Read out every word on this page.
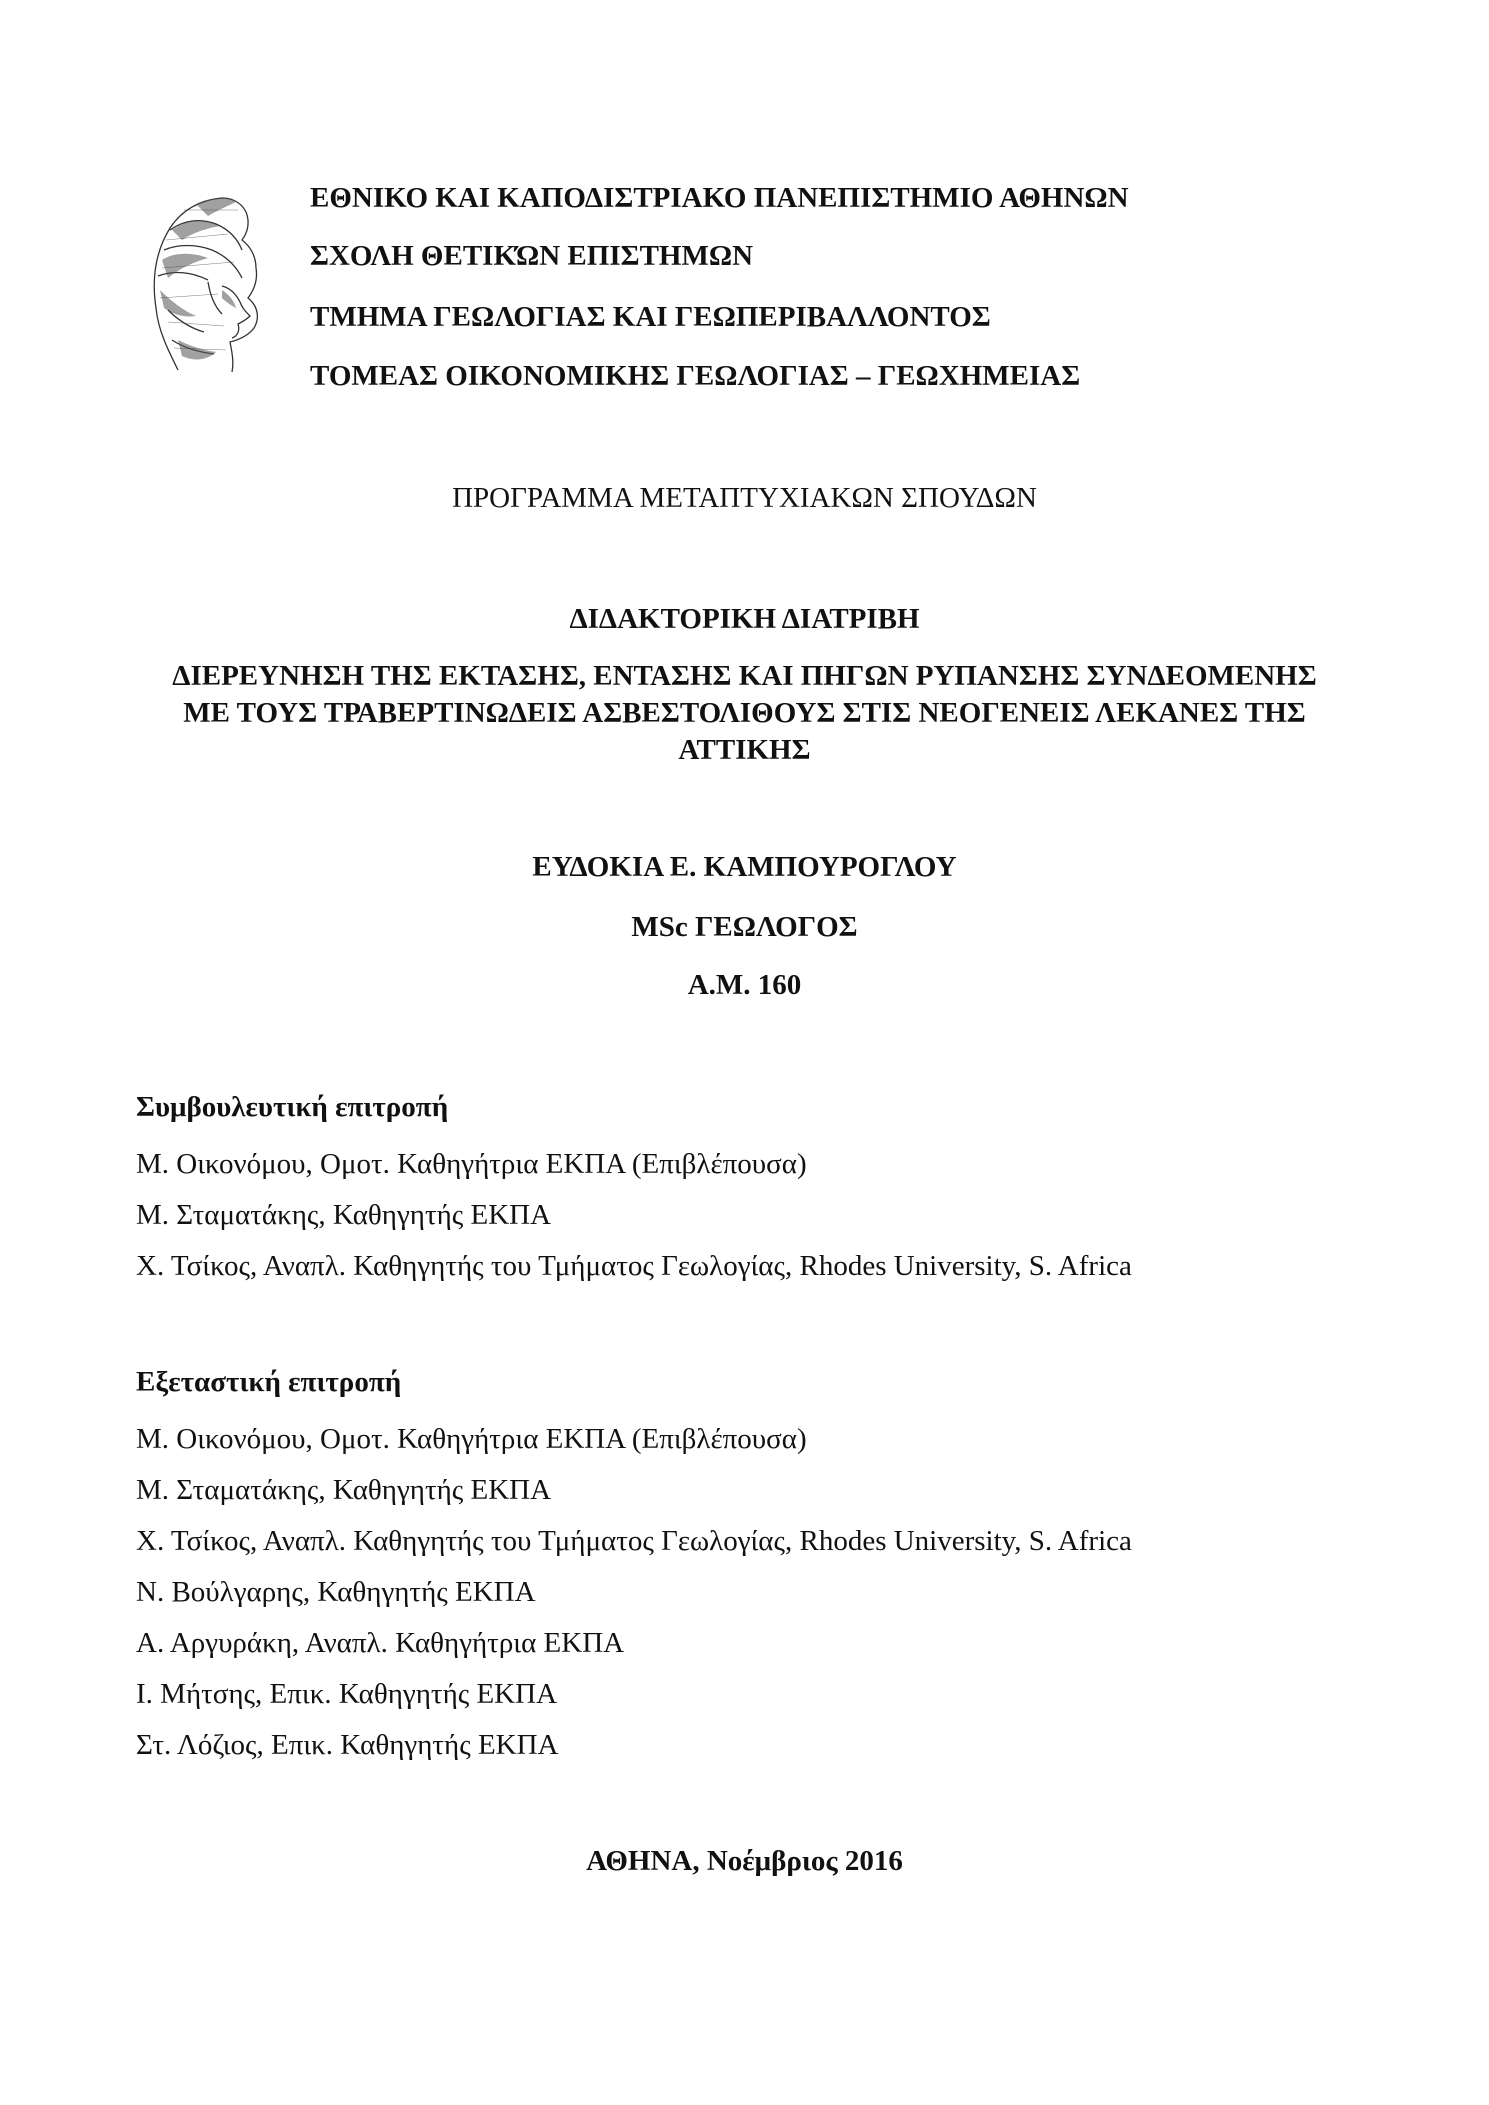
ΕΘΝΙΚΟ ΚΑΙ ΚΑΠΟΔΙΣΤΡΙΑΚΟ ΠΑΝΕΠΙΣΤΗΜΙΟ ΑΘΗΝΩΝ
ΣΧΟΛΗ ΘΕΤΙΚΏΝ ΕΠΙΣΤΗΜΩΝ
ΤΜΗΜΑ ΓΕΩΛΟΓΙΑΣ ΚΑΙ ΓΕΩΠΕΡΙΒΑΛΛΟΝΤΟΣ
ΤΟΜΕΑΣ ΟΙΚΟΝΟΜΙΚΗΣ ΓΕΩΛΟΓΙΑΣ – ΓΕΩΧΗΜΕΙΑΣ
ΠΡΟΓΡΑΜΜΑ ΜΕΤΑΠΤΥΧΙΑΚΩΝ ΣΠΟΥΔΩΝ
ΔΙΔΑΚΤΟΡΙΚΗ ΔΙΑΤΡΙΒΗ
ΔΙΕΡΕΥΝΗΣΗ ΤΗΣ ΕΚΤΑΣΗΣ, ΕΝΤΑΣΗΣ ΚΑΙ ΠΗΓΩΝ ΡΥΠΑΝΣΗΣ ΣΥΝΔΕΟΜΕΝΗΣ
ΜΕ ΤΟΥΣ ΤΡΑΒΕΡΤΙΝΩΔΕΙΣ ΑΣΒΕΣΤΟΛΙΘΟΥΣ ΣΤΙΣ ΝΕΟΓΕΝΕΙΣ ΛΕΚΑΝΕΣ ΤΗΣ
ΑΤΤΙΚΗΣ
ΕΥΔΟΚΙΑ Ε. ΚΑΜΠΟΥΡΟΓΛΟΥ
MSc ΓΕΩΛΟΓΟΣ
Α.Μ. 160
Συμβουλευτική επιτροπή
Μ. Οικονόμου, Ομοτ. Καθηγήτρια ΕΚΠΑ (Επιβλέπουσα)
Μ. Σταματάκης, Καθηγητής ΕΚΠΑ
Χ. Τσίκος, Αναπλ. Καθηγητής του Τμήματος Γεωλογίας, Rhodes University, S. Africa
Εξεταστική επιτροπή
Μ. Οικονόμου, Ομοτ. Καθηγήτρια ΕΚΠΑ (Επιβλέπουσα)
Μ. Σταματάκης, Καθηγητής ΕΚΠΑ
Χ. Τσίκος, Αναπλ. Καθηγητής του Τμήματος Γεωλογίας, Rhodes University, S. Africa
Ν. Βούλγαρης, Καθηγητής ΕΚΠΑ
Α. Αργυράκη, Αναπλ. Καθηγήτρια ΕΚΠΑ
Ι. Μήτσης, Επικ. Καθηγητής ΕΚΠΑ
Στ. Λόζιος, Επικ. Καθηγητής ΕΚΠΑ
ΑΘΗΝΑ, Νοέμβριος 2016
